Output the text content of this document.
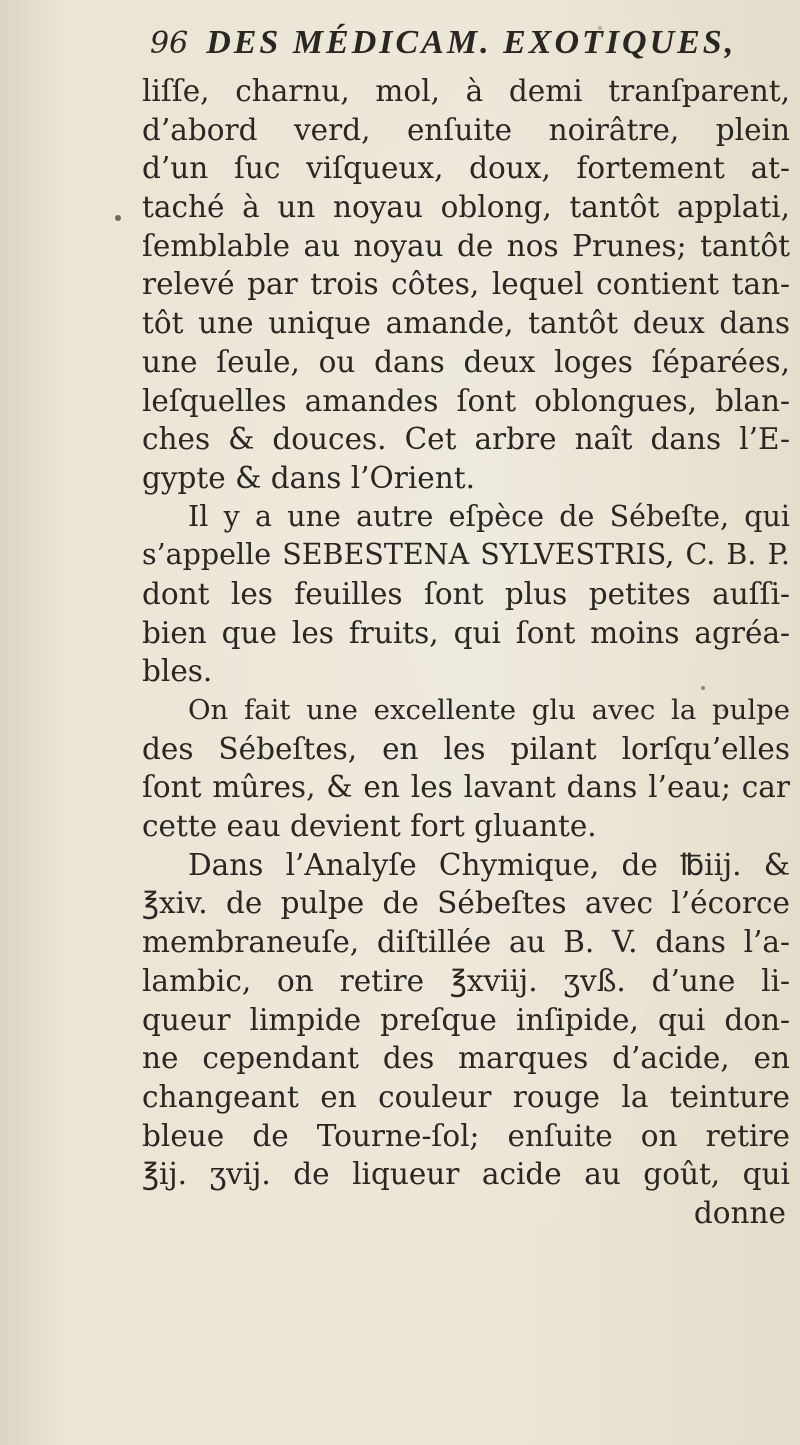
96 DES MÉDICAM. EXOTIQUES,
liſſe, charnu, mol, à demi tranſparent,
d’abord verd, enſuite noirâtre, plein
d’un ſuc viſqueux, doux, fortement at-
taché à un noyau oblong, tantôt applati,
ſemblable au noyau de nos Prunes; tantôt
relevé par trois côtes, lequel contient tan-
tôt une unique amande, tantôt deux dans
une ſeule, ou dans deux loges ſéparées,
leſquelles amandes ſont oblongues, blan-
ches & douces. Cet arbre naît dans l’E-
gypte & dans l’Orient.
Il y a une autre eſpèce de Sébeſte, qui
s’appelle SEBESTENA SYLVESTRIS, C. B. P.
dont les feuilles ſont plus petites auſſi-
bien que les fruits, qui ſont moins agréa-
bles.
On fait une excellente glu avec la pulpe
des Sébeſtes, en les pilant lorſqu’elles
ſont mûres, & en les lavant dans l’eau; car
cette eau devient fort gluante.
Dans l’Analyſe Chymique, de ℔iij. &
℥xiv. de pulpe de Sébeſtes avec l’écorce
membraneuſe, diſtillée au B. V. dans l’a-
lambic, on retire ℥xviij. ʒvß. d’une li-
queur limpide preſque inſipide, qui don-
ne cependant des marques d’acide, en
changeant en couleur rouge la teinture
bleue de Tourne-ſol; enſuite on retire
℥ij. ʒvij. de liqueur acide au goût, qui
donne
